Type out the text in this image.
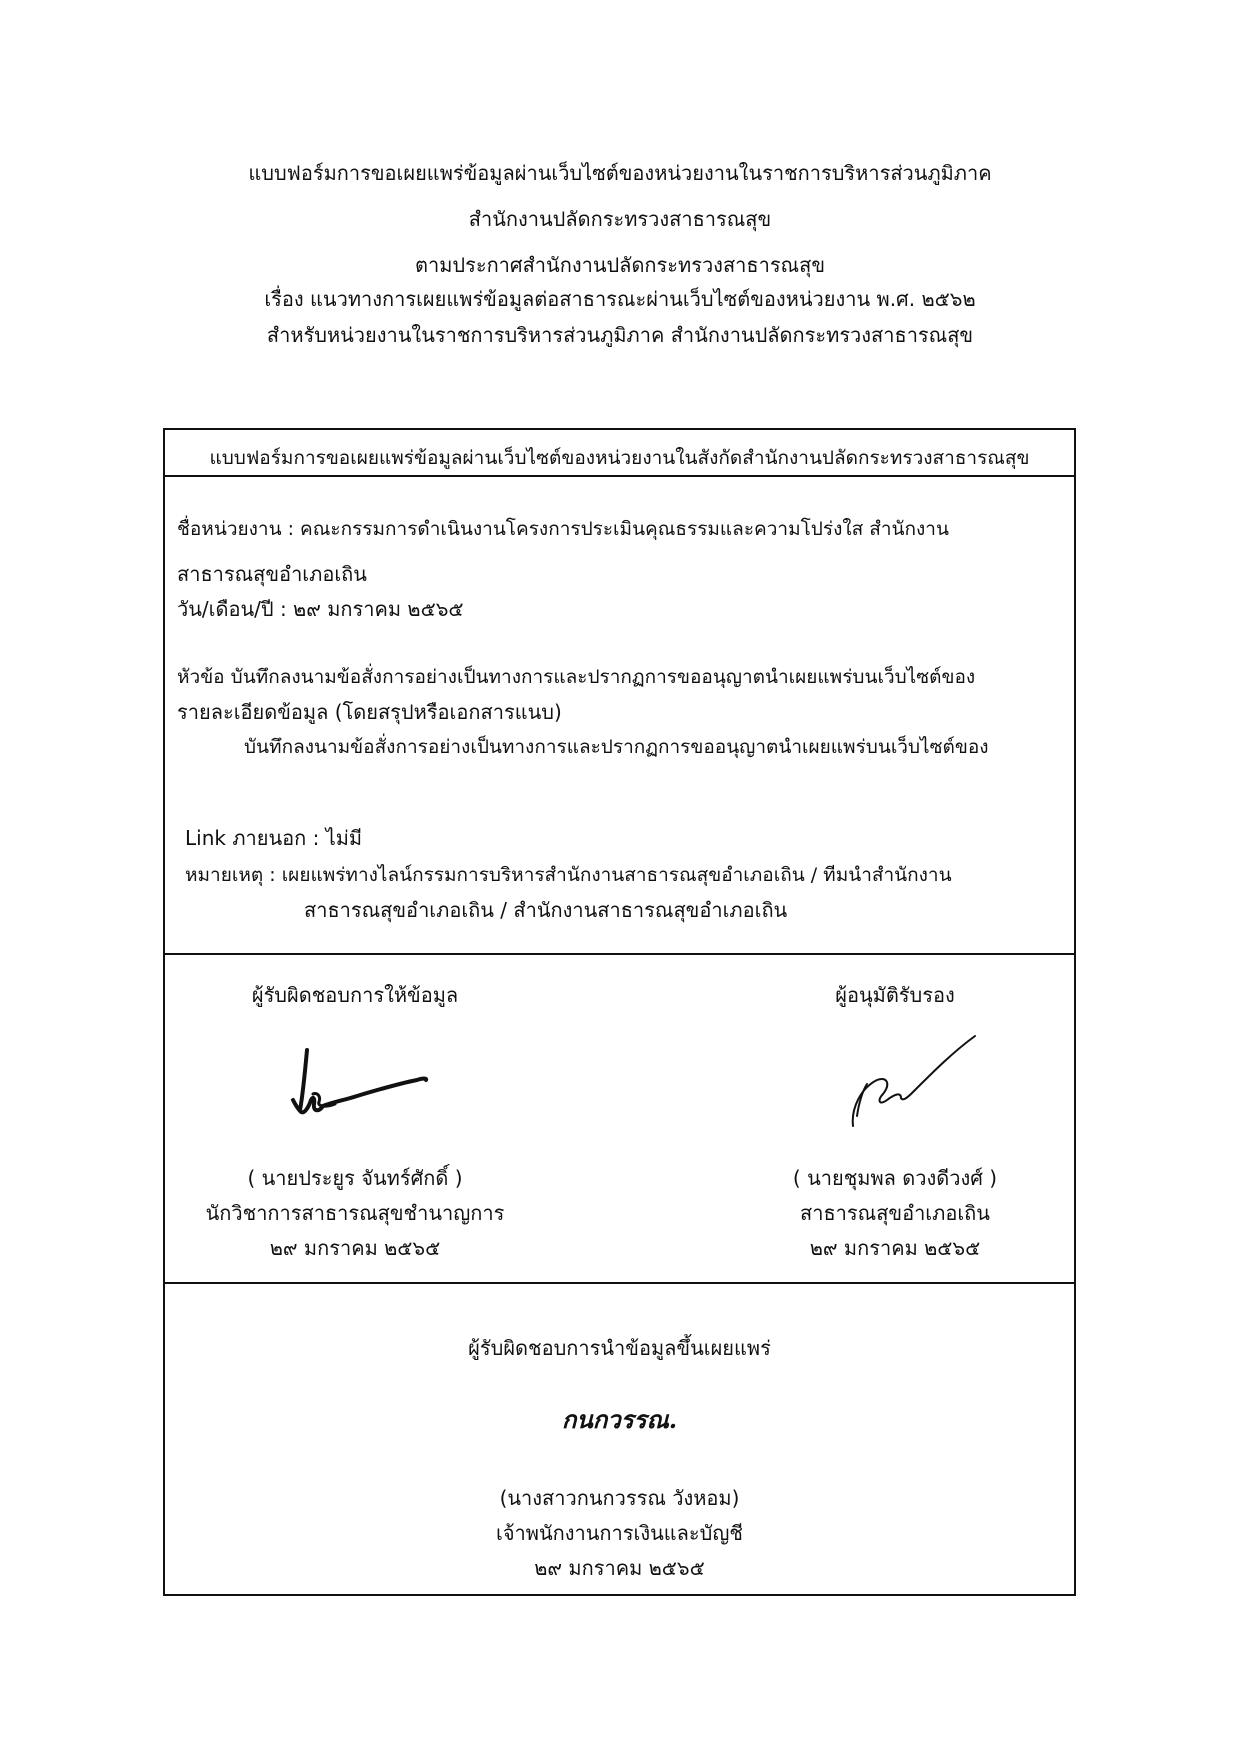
แบบฟอร์มการขอเผยแพร่ข้อมูลผ่านเว็บไซต์ของหน่วยงานในราชการบริหารส่วนภูมิภาค
สำนักงานปลัดกระทรวงสาธารณสุข
ตามประกาศสำนักงานปลัดกระทรวงสาธารณสุข
เรื่อง แนวทางการเผยแพร่ข้อมูลต่อสาธารณะผ่านเว็บไซต์ของหน่วยงาน พ.ศ. ๒๕๖๒
สำหรับหน่วยงานในราชการบริหารส่วนภูมิภาค สำนักงานปลัดกระทรวงสาธารณสุข
แบบฟอร์มการขอเผยแพร่ข้อมูลผ่านเว็บไซต์ของหน่วยงานในสังกัดสำนักงานปลัดกระทรวงสาธารณสุข
ชื่อหน่วยงาน : คณะกรรมการดำเนินงานโครงการประเมินคุณธรรมและความโปร่งใส สำนักงาน
สาธารณสุขอำเภอเถิน
วัน/เดือน/ปี : ๒๙ มกราคม ๒๕๖๕
หัวข้อ บันทึกลงนามข้อสั่งการอย่างเป็นทางการและปรากฏการขออนุญาตนำเผยแพร่บนเว็บไซต์ของ
รายละเอียดข้อมูล (โดยสรุปหรือเอกสารแนบ)
บันทึกลงนามข้อสั่งการอย่างเป็นทางการและปรากฏการขออนุญาตนำเผยแพร่บนเว็บไซต์ของ
Link ภายนอก : ไม่มี
หมายเหตุ : เผยแพร่ทางไลน์กรรมการบริหารสำนักงานสาธารณสุขอำเภอเถิน / ทีมนำสำนักงาน
สาธารณสุขอำเภอเถิน / สำนักงานสาธารณสุขอำเภอเถิน
ผู้รับผิดชอบการให้ข้อมูล
( นายประยูร จันทร์ศักดิ์ )
นักวิชาการสาธารณสุขชำนาญการ
๒๙ มกราคม ๒๕๖๕
ผู้อนุมัติรับรอง
( นายชุมพล ดวงดีวงศ์ )
สาธารณสุขอำเภอเถิน
๒๙ มกราคม ๒๕๖๕
ผู้รับผิดชอบการนำข้อมูลขึ้นเผยแพร่
กนกวรรณ.
(นางสาวกนกวรรณ วังหอม)
เจ้าพนักงานการเงินและบัญชี
๒๙ มกราคม ๒๕๖๕
